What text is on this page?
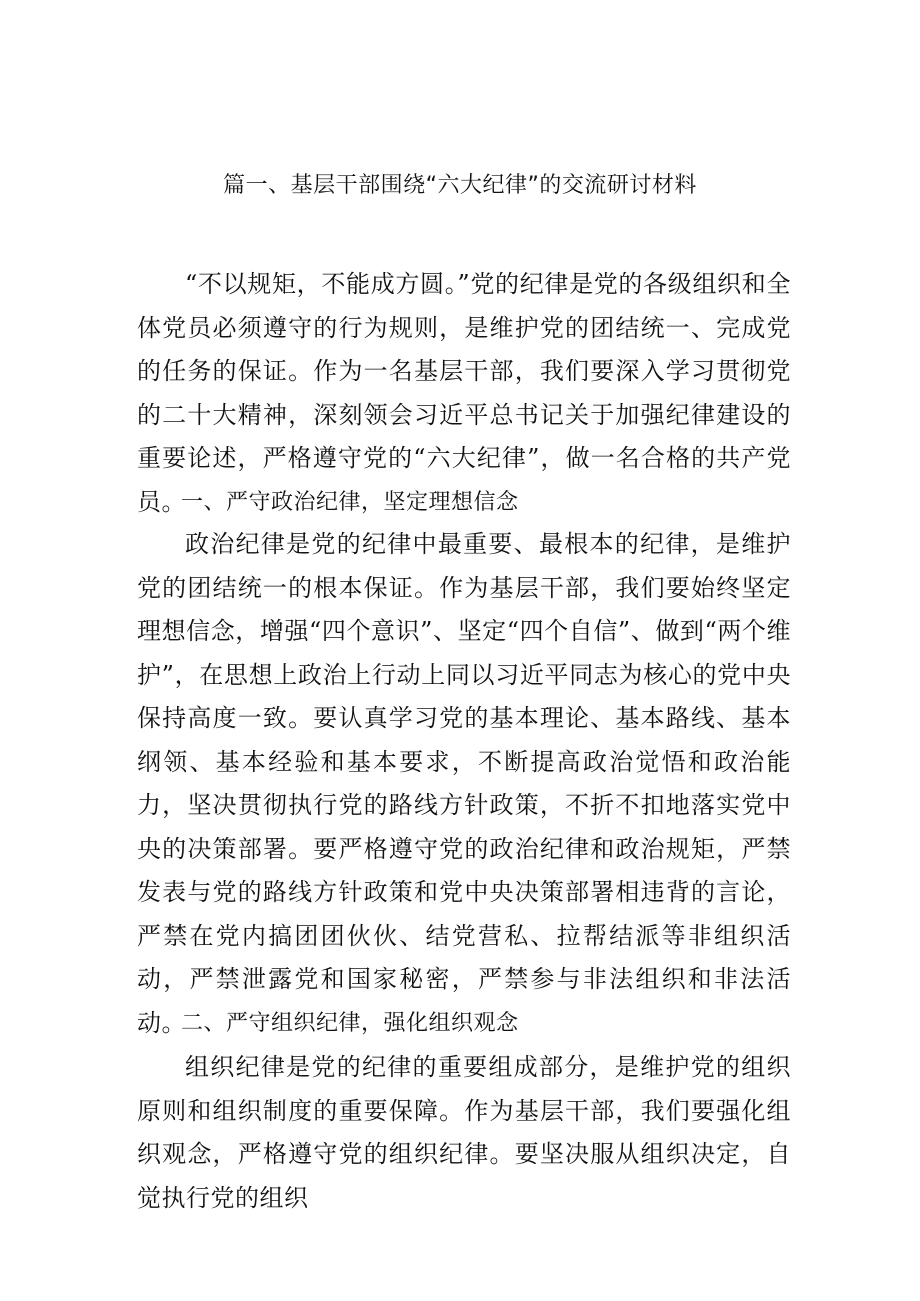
篇一、基层干部围绕“六大纪律”的交流研讨材料

“不以规矩，不能成方圆。”党的纪律是党的各级组织和全体党员必须遵守的行为规则，是维护党的团结统一、完成党的任务的保证。作为一名基层干部，我们要深入学习贯彻党的二十大精神，深刻领会习近平总书记关于加强纪律建设的重要论述，严格遵守党的“六大纪律”，做一名合格的共产党员。

一、严守政治纪律，坚定理想信念

政治纪律是党的纪律中最重要、最根本的纪律，是维护党的团结统一的根本保证。作为基层干部，我们要始终坚定理想信念，增强“四个意识”、坚定“四个自信”、做到“两个维护”，在思想上政治上行动上同以习近平同志为核心的党中央保持高度一致。要认真学习党的基本理论、基本路线、基本纲领、基本经验和基本要求，不断提高政治觉悟和政治能力，坚决贯彻执行党的路线方针政策，不折不扣地落实党中央的决策部署。要严格遵守党的政治纪律和政治规矩，严禁发表与党的路线方针政策和党中央决策部署相违背的言论，严禁在党内搞团团伙伙、结党营私、拉帮结派等非组织活动，严禁泄露党和国家秘密，严禁参与非法组织和非法活动。

二、严守组织纪律，强化组织观念

组织纪律是党的纪律的重要组成部分，是维护党的组织原则和组织制度的重要保障。作为基层干部，我们要强化组织观念，严格遵守党的组织纪律。要坚决服从组织决定，自觉执行党的组织
